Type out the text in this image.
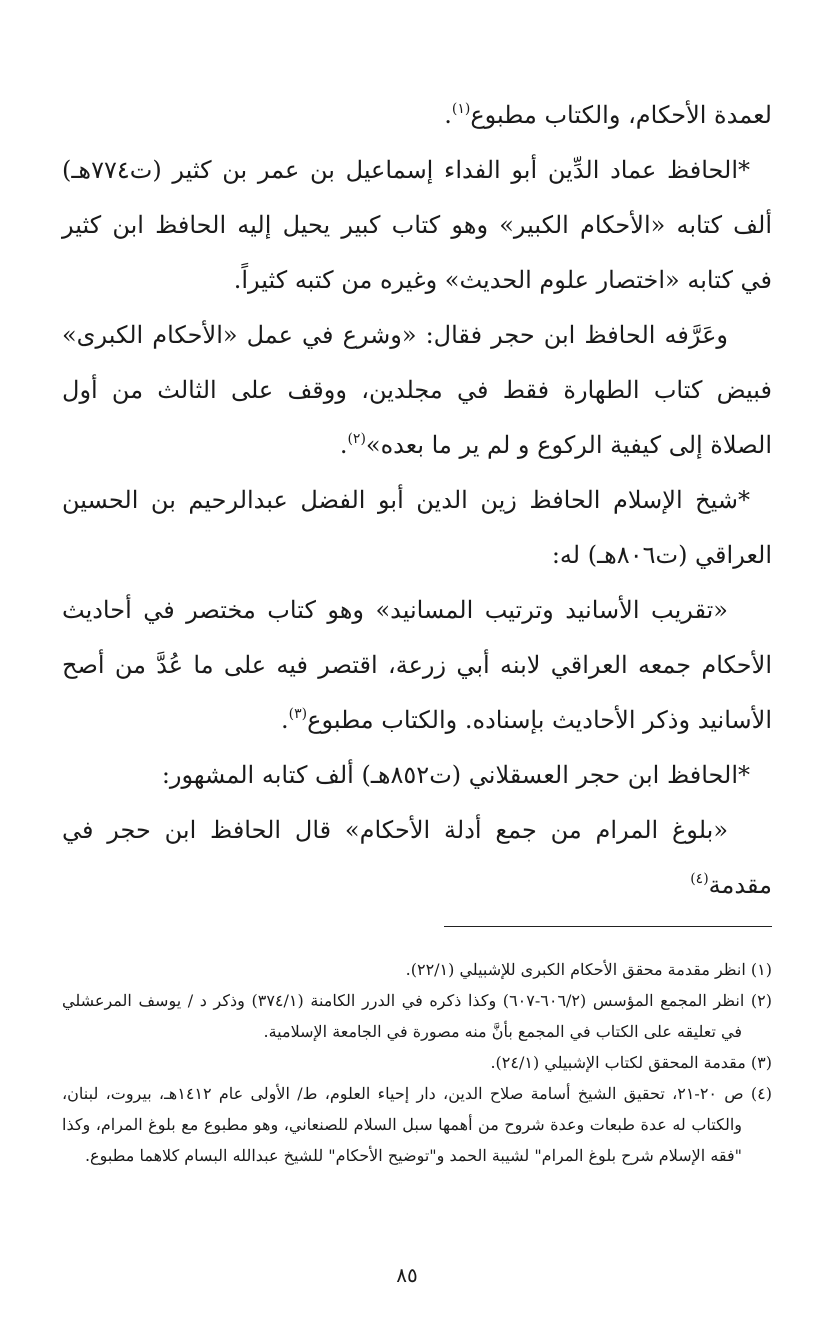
لعمدة الأحكام، والكتاب مطبوع$^{(١)}$.

*الحافظ عماد الدِّين أبو الفداء إسماعيل بن عمر بن كثير (ت٧٧٤هـ) ألف كتابه «الأحكام الكبير» وهو كتاب كبير يحيل إليه الحافظ ابن كثير في كتابه «اختصار علوم الحديث» وغيره من كتبه كثيراً.

وعَرَّفه الحافظ ابن حجر فقال: «وشرع في عمل «الأحكام الكبرى» فبيض كتاب الطهارة فقط في مجلدين، ووقف على الثالث من أول الصلاة إلى كيفية الركوع و لم ير ما بعده»$^{(٢)}$.

*شيخ الإسلام الحافظ زين الدين أبو الفضل عبدالرحيم بن الحسين العراقي (ت٨٠٦هـ) له:

«تقريب الأسانيد وترتيب المسانيد» وهو كتاب مختصر في أحاديث الأحكام جمعه العراقي لابنه أبي زرعة، اقتصر فيه على ما عُدَّ من أصح الأسانيد وذكر الأحاديث بإسناده. والكتاب مطبوع$^{(٣)}$.

*الحافظ ابن حجر العسقلاني (ت٨٥٢هـ) ألف كتابه المشهور:

«بلوغ المرام من جمع أدلة الأحكام» قال الحافظ ابن حجر في مقدمة$^{(٤)}$

(١) انظر مقدمة محقق الأحكام الكبرى للإشبيلي (٢٢/١).

(٢) انظر المجمع المؤسس (٦٠٦/٢-٦٠٧) وكذا ذكره في الدرر الكامنة (٣٧٤/١) وذكر د / يوسف المرعشلي في تعليقه على الكتاب في المجمع بأنَّ منه مصورة في الجامعة الإسلامية.

(٣) مقدمة المحقق لكتاب الإشبيلي (٢٤/١).

(٤) ص ٢٠-٢١، تحقيق الشيخ أسامة صلاح الدين، دار إحياء العلوم، ط/ الأولى عام ١٤١٢هـ، بيروت، لبنان، والكتاب له عدة طبعات وعدة شروح من أهمها سبل السلام للصنعاني، وهو مطبوع مع بلوغ المرام، وكذا "فقه الإسلام شرح بلوغ المرام" لشيبة الحمد و"توضيح الأحكام" للشيخ عبدالله البسام كلاهما مطبوع.

٨٥
